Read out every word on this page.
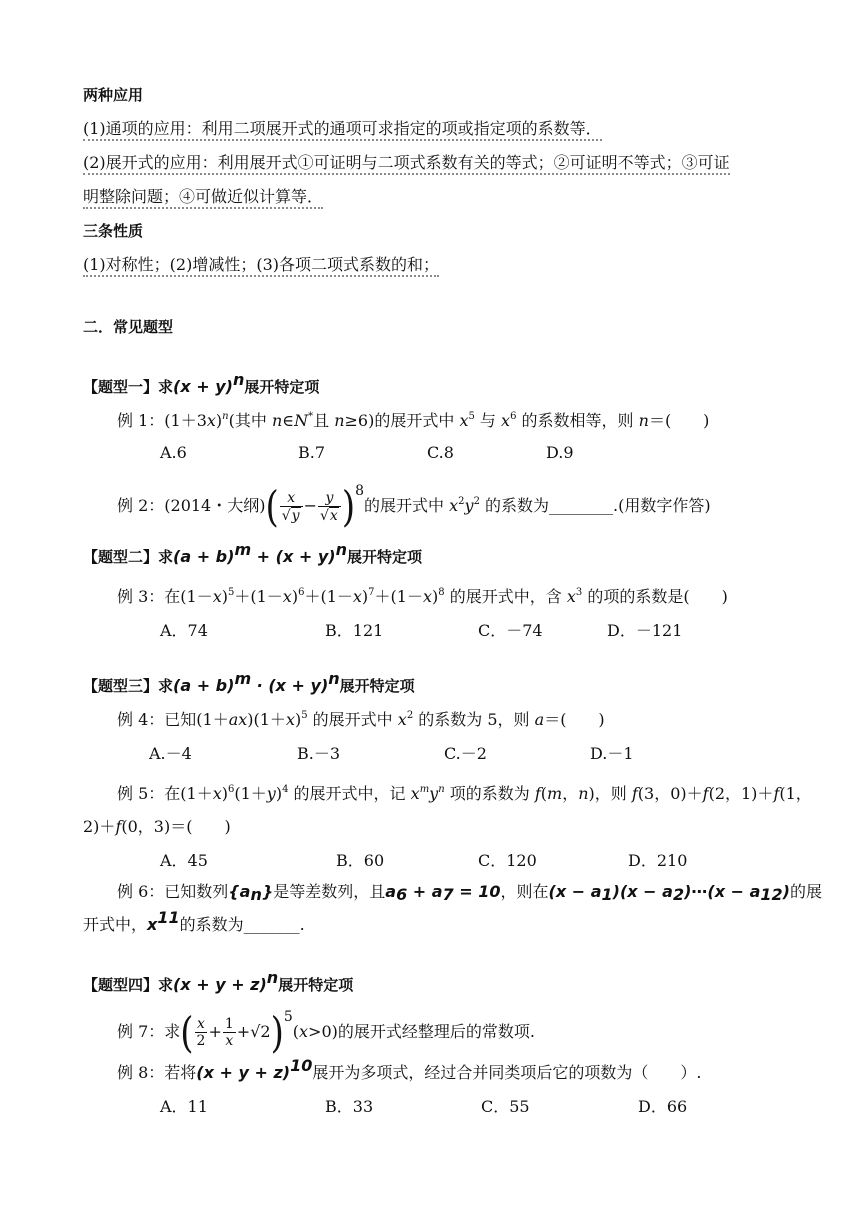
两种应用
(1)通项的应用：利用二项展开式的通项可求指定的项或指定项的系数等．
(2)展开式的应用：利用展开式①可证明与二项式系数有关的等式；②可证明不等式；③可证
明整除问题；④可做近似计算等．
三条性质
(1)对称性；(2)增减性；(3)各项二项式系数的和；
二．常见题型
【题型一】求$(x + y)^n$展开特定项
例 1：$(1+3x)^n$(其中 n∈N*且 n≥6)的展开式中 $x^5$ 与 $x^6$ 的系数相等，则 n＝(　　)
A.6	B.7	C.8	D.9
例 2：(2014・大纲)( $\frac{x}{√y} - \frac{y}{√x} )^8$的展开式中 $x^2y^2$ 的系数为________.(用数字作答)
【题型二】求$(a + b)^m + (x + y)^n$展开特定项
例 3：在$(1-x)^5+(1-x)^6+(1-x)^7+(1-x)^8$ 的展开式中，含 $x^3$ 的项的系数是(　　)
A．74	B．121	C．－74	D．－121
【题型三】求$(a + b)^m \cdot (x + y)^n$展开特定项
例 4：已知$(1+ax)(1+x)^5$ 的展开式中 $x^2$ 的系数为 5，则 a＝(　　)
A.－4	B.－3	C.－2	D.－1
例 5：在$(1+x)^6(1+y)^4$ 的展开式中，记 $x^my^n$ 项的系数为 f(m，n)，则 f(3，0)＋f(2，1)＋f(1，
2)＋f(0，3)＝(　　)
A．45	B．60	C．120	D．210
例 6：已知数列$\{a_n\}$是等差数列，且$a_6 + a_7 = 10$，则在$(x - a_1)(x$ − $a_2)\cdots(x - a_{12})$的展
开式中，$x^{11}$的系数为_______.
【题型四】求$(x + y + z)^n$展开特定项
例 7：求( $\frac{x}{2} + \frac{1}{x} +√2)^5(x>0)$的展开式经整理后的常数项.
例 8：若将$(x + y + z)^{10}$展开为多项式，经过合并同类项后它的项数为（　　）.
A．11	B．33	C．55	D．66
